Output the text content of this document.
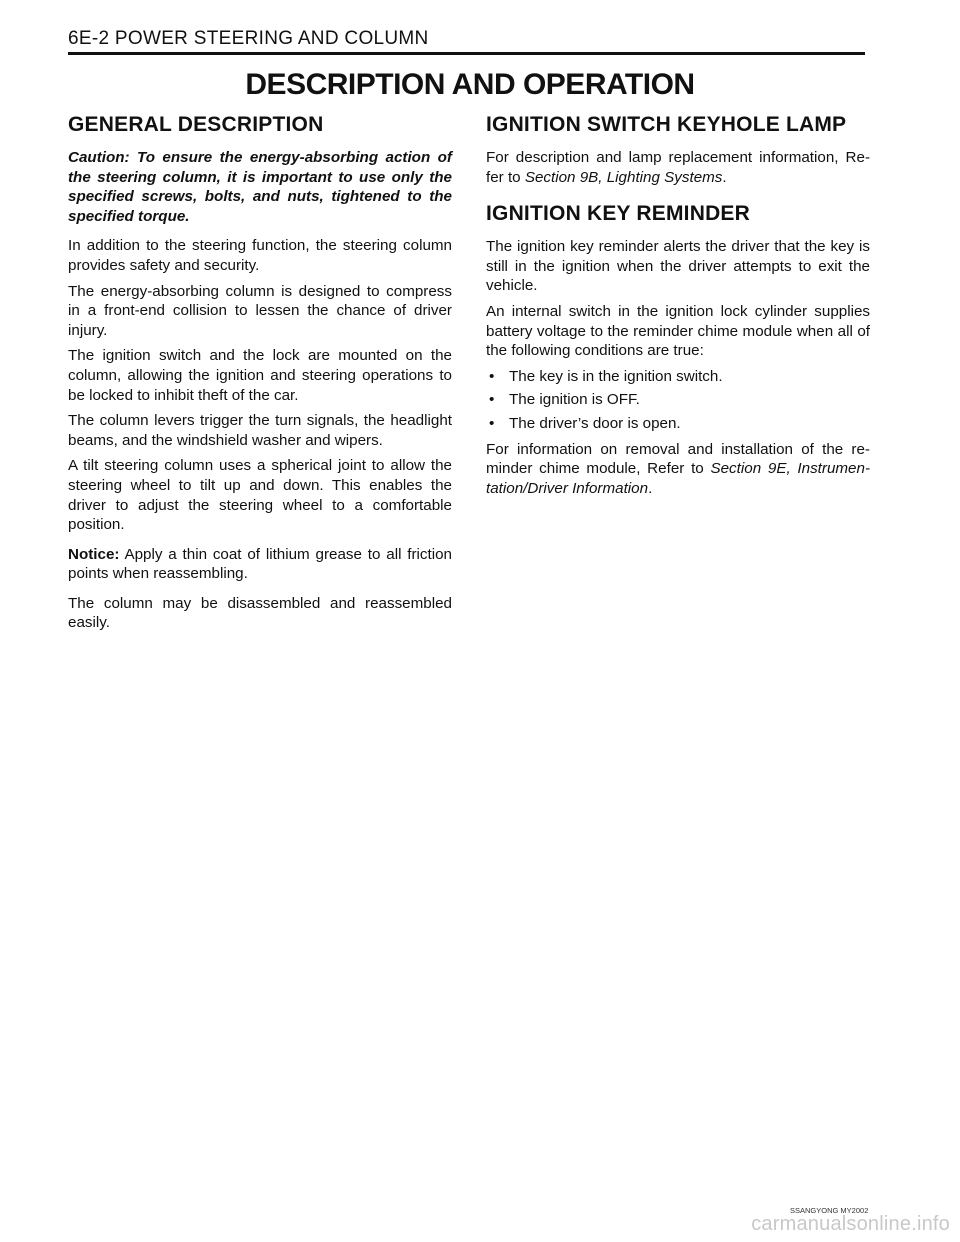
6E-2 POWER STEERING AND COLUMN
DESCRIPTION AND OPERATION
GENERAL DESCRIPTION

Caution: To ensure the energy-absorbing action of the steering column, it is important to use only the specified screws, bolts, and nuts, tightened to the specified torque.

In addition to the steering function, the steering column provides safety and security.

The energy-absorbing column is designed to compress in a front-end collision to lessen the chance of driver injury.

The ignition switch and the lock are mounted on the column, allowing the ignition and steering operations to be locked to inhibit theft of the car.

The column levers trigger the turn signals, the headlight beams, and the windshield washer and wipers.

A tilt steering column uses a spherical joint to allow the steering wheel to tilt up and down. This enables the driver to adjust the steering wheel to a comfortable position.

Notice: Apply a thin coat of lithium grease to all friction points when reassembling.

The column may be disassembled and reassembled easily.

IGNITION SWITCH KEYHOLE LAMP

For description and lamp replacement information, Re-fer to Section 9B, Lighting Systems.

IGNITION KEY REMINDER

The ignition key reminder alerts the driver that the key is still in the ignition when the driver attempts to exit the vehicle.

An internal switch in the ignition lock cylinder supplies battery voltage to the reminder chime module when all of the following conditions are true:

• The key is in the ignition switch.
• The ignition is OFF.
• The driver’s door is open.

For information on removal and installation of the re-minder chime module, Refer to Section 9E, Instrumen-tation/Driver Information.

SSANGYONG MY2002
carmanualsonline.info
